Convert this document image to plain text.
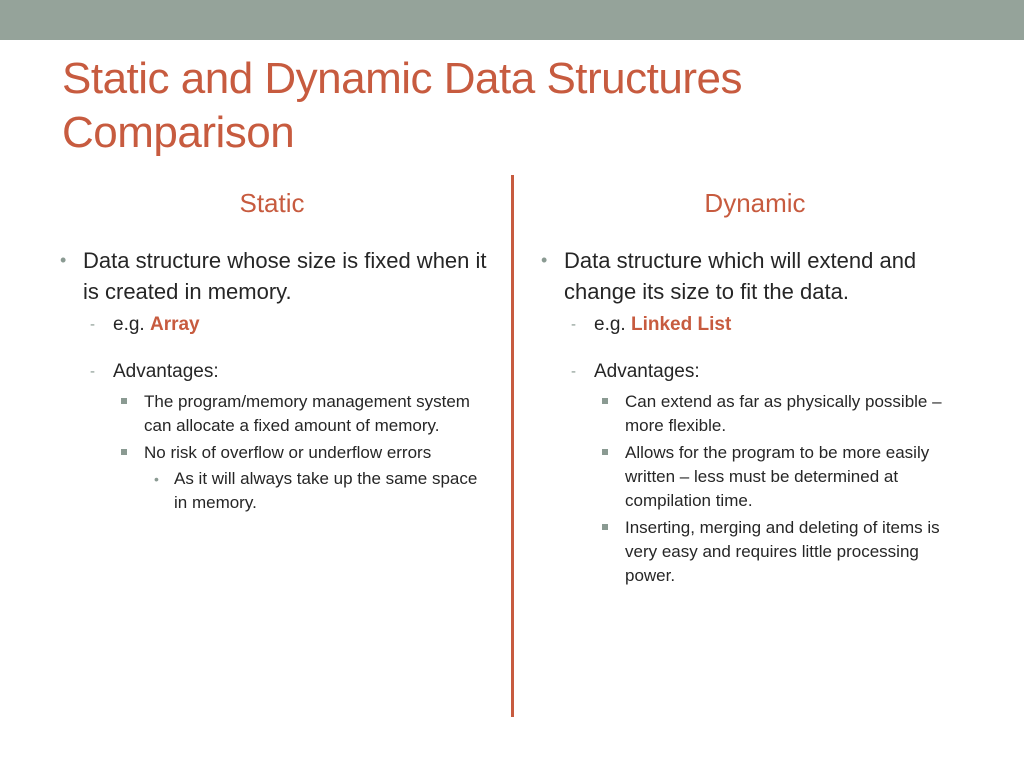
Static and Dynamic Data Structures
Comparison
Static	Dynamic
• Data structure whose size is fixed when it is created in memory.
- e.g. Array
- Advantages:
The program/memory management system can allocate a fixed amount of memory.
No risk of overflow or underflow errors
• As it will always take up the same space in memory.
• Data structure which will extend and change its size to fit the data.
- e.g. Linked List
- Advantages:
Can extend as far as physically possible – more flexible.
Allows for the program to be more easily written – less must be determined at compilation time.
Inserting, merging and deleting of items is very easy and requires little processing power.
